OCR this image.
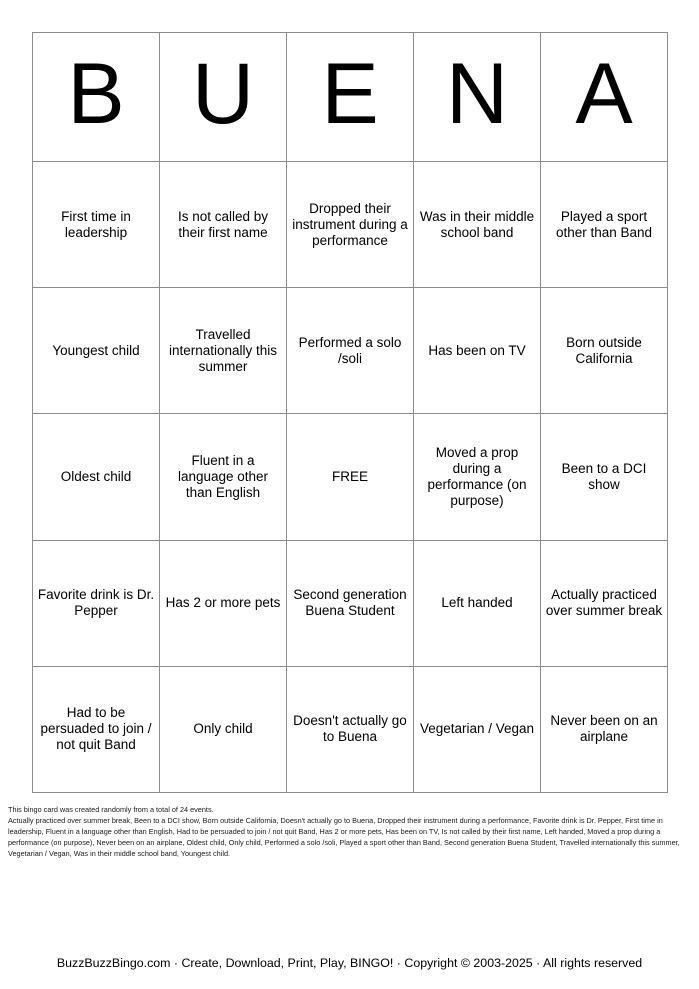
B U E N A
First time in leadership
Is not called by their first name
Dropped their instrument during a performance
Was in their middle school band
Played a sport other than Band
Youngest child
Travelled internationally this summer
Performed a solo /soli
Has been on TV
Born outside California
Oldest child
Fluent in a language other than English
FREE
Moved a prop during a performance (on purpose)
Been to a DCI show
Favorite drink is Dr. Pepper
Has 2 or more pets
Second generation Buena Student
Left handed
Actually practiced over summer break
Had to be persuaded to join / not quit Band
Only child
Doesn't actually go to Buena
Vegetarian / Vegan
Never been on an airplane
This bingo card was created randomly from a total of 24 events.
Actually practiced over summer break, Been to a DCI show, Born outside California, Doesn't actually go to Buena, Dropped their instrument during a performance, Favorite drink is Dr. Pepper, First time in leadership, Fluent in a language other than English, Had to be persuaded to join / not quit Band, Has 2 or more pets, Has been on TV, Is not called by their first name, Left handed, Moved a prop during a performance (on purpose), Never been on an airplane, Oldest child, Only child, Performed a solo /soli, Played a sport other than Band, Second generation Buena Student, Travelled internationally this summer, Vegetarian / Vegan, Was in their middle school band, Youngest child.
BuzzBuzzBingo.com · Create, Download, Print, Play, BINGO! · Copyright © 2003-2025 · All rights reserved
